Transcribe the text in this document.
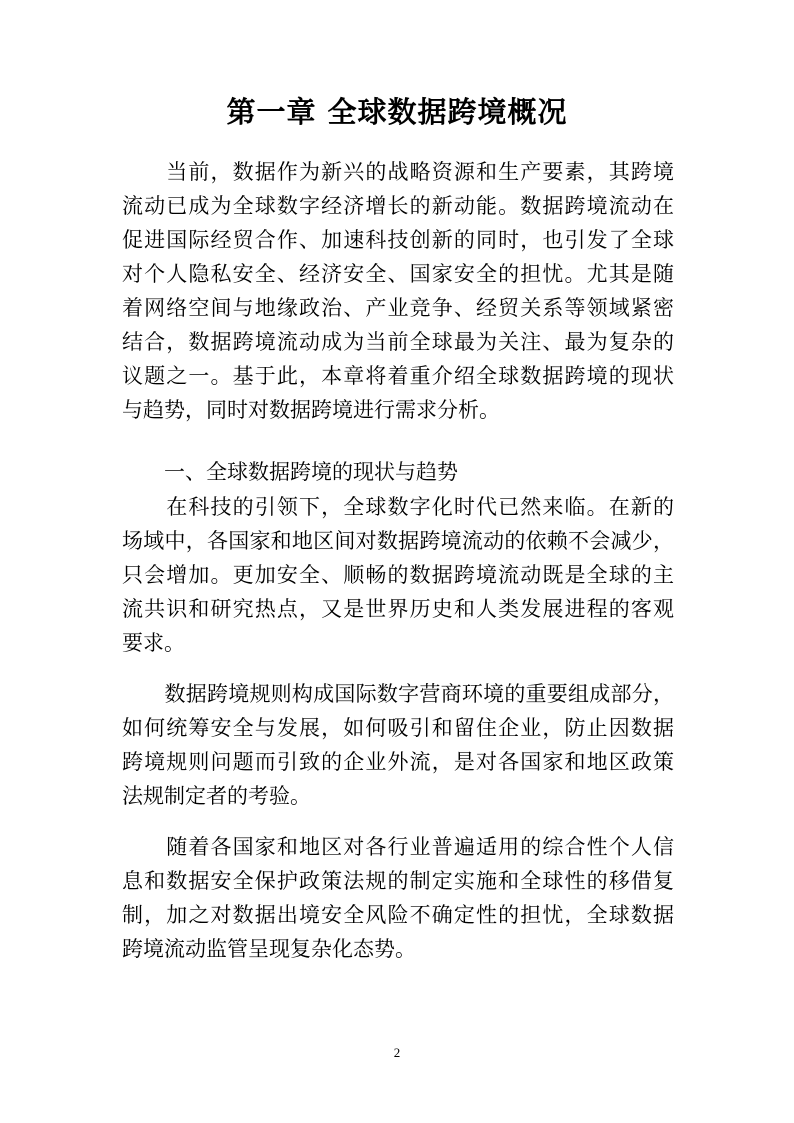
第一章 全球数据跨境概况
　　当前，数据作为新兴的战略资源和生产要素，其跨境
流动已成为全球数字经济增长的新动能。数据跨境流动在
促进国际经贸合作、加速科技创新的同时，也引发了全球
对个人隐私安全、经济安全、国家安全的担忧。尤其是随
着网络空间与地缘政治、产业竞争、经贸关系等领域紧密
结合，数据跨境流动成为当前全球最为关注、最为复杂的
议题之一。基于此，本章将着重介绍全球数据跨境的现状
与趋势，同时对数据跨境进行需求分析。
　　一、全球数据跨境的现状与趋势
　　在科技的引领下，全球数字化时代已然来临。在新的
场域中，各国家和地区间对数据跨境流动的依赖不会减少，
只会增加。更加安全、顺畅的数据跨境流动既是全球的主
流共识和研究热点，又是世界历史和人类发展进程的客观
要求。
　　数据跨境规则构成国际数字营商环境的重要组成部分，
如何统筹安全与发展，如何吸引和留住企业，防止因数据
跨境规则问题而引致的企业外流，是对各国家和地区政策
法规制定者的考验。
　　随着各国家和地区对各行业普遍适用的综合性个人信
息和数据安全保护政策法规的制定实施和全球性的移借复
制，加之对数据出境安全风险不确定性的担忧，全球数据
跨境流动监管呈现复杂化态势。
2
